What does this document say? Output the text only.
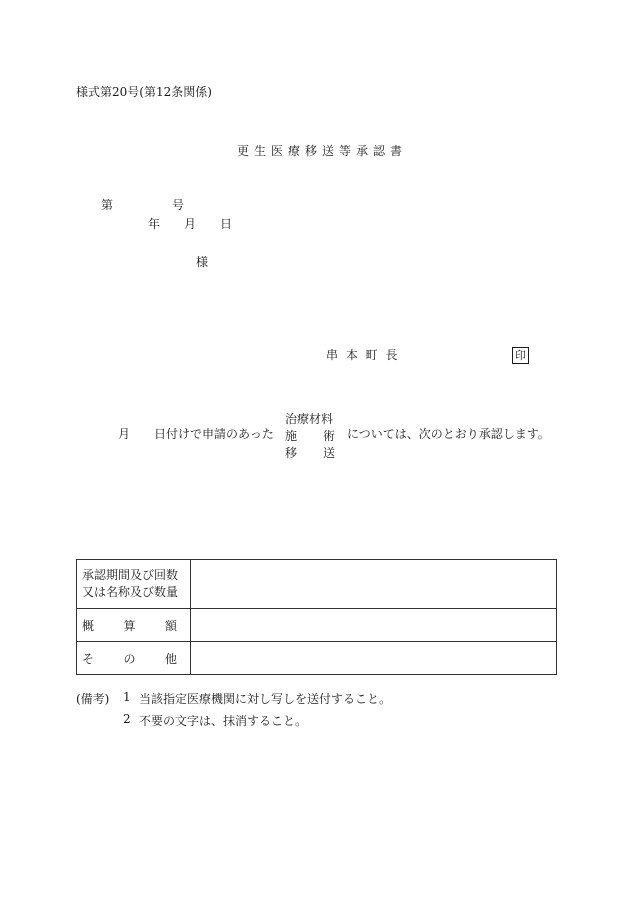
様式第20号(第12条関係)
更生医療移送等承認書
第	号
年 月 日
様
串 本 町 長	印
月 日付けで申請のあった
治療材料
施 術
移 送
については、次のとおり承認します。
承認期間及び回数
又は名称及び数量	

概 算 額	

そ の 他	

(備考)	1 当該指定医療機関に対し写しを送付すること。
2 不要の文字は、抹消すること。
